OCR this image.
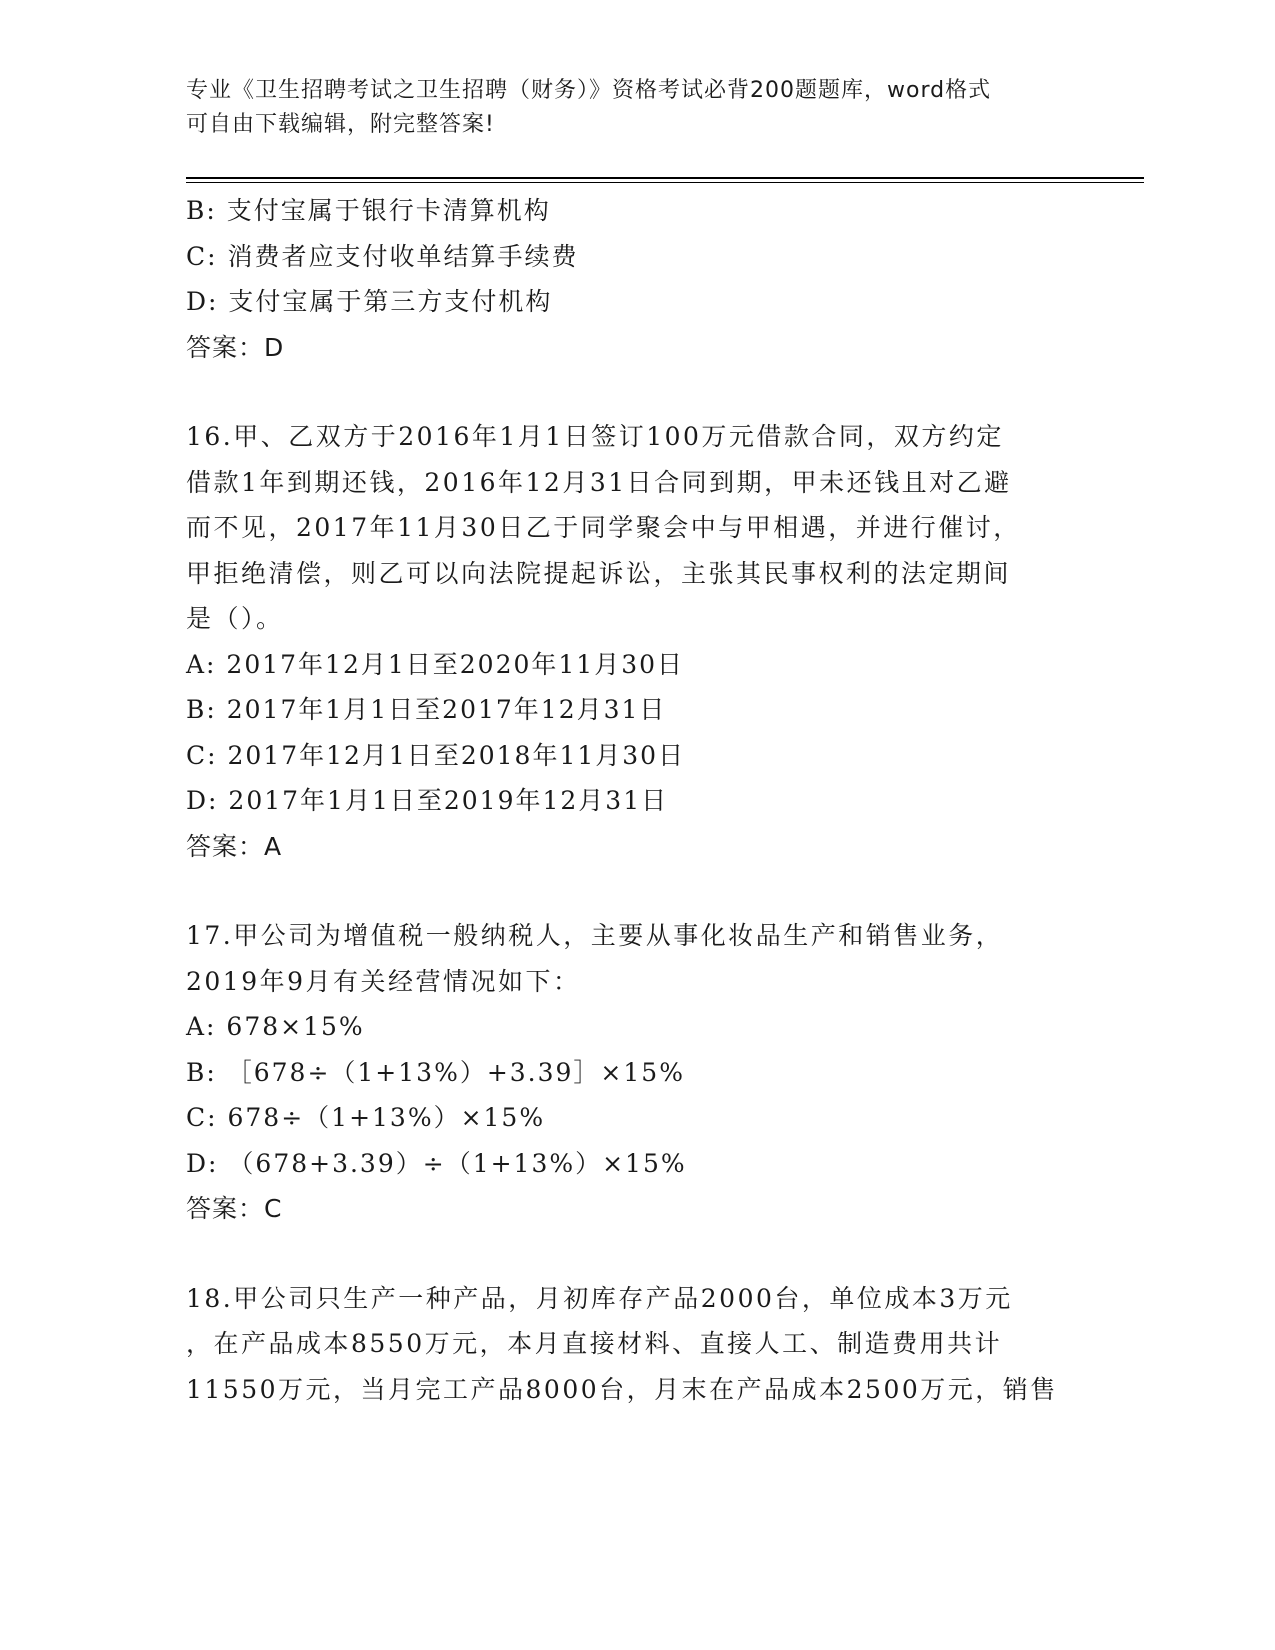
专业《卫生招聘考试之卫生招聘（财务）》资格考试必背200题题库，word格式
可自由下载编辑，附完整答案!
B: 支付宝属于银行卡清算机构
C: 消费者应支付收单结算手续费
D: 支付宝属于第三方支付机构
答案：D
16.甲、乙双方于2016年1月1日签订100万元借款合同，双方约定
借款1年到期还钱，2016年12月31日合同到期，甲未还钱且对乙避
而不见，2017年11月30日乙于同学聚会中与甲相遇，并进行催讨，
甲拒绝清偿，则乙可以向法院提起诉讼，主张其民事权利的法定期间
是（）。
A: 2017年12月1日至2020年11月30日
B: 2017年1月1日至2017年12月31日
C: 2017年12月1日至2018年11月30日
D: 2017年1月1日至2019年12月31日
答案：A
17.甲公司为增值税一般纳税人，主要从事化妆品生产和销售业务，
2019年9月有关经营情况如下：
A: 678×15%
B: ［678÷（1+13%）+3.39］×15%
C: 678÷（1+13%）×15%
D: （678+3.39）÷（1+13%）×15%
答案：C
18.甲公司只生产一种产品，月初库存产品2000台，单位成本3万元
，在产品成本8550万元，本月直接材料、直接人工、制造费用共计
11550万元，当月完工产品8000台，月末在产品成本2500万元，销售
